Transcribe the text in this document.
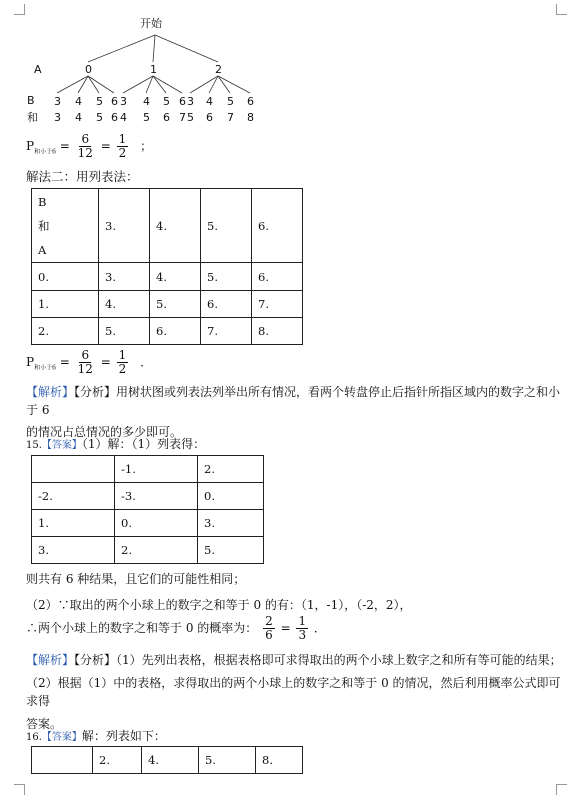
开始
A
B
和
0	1	2
3 4 5 6 3 4 5 6 3 4 5 6
3 4 5 6 4 5 6 7 5 6 7 8
$P_{和小于6} = \frac{6}{12} = \frac{1}{2}$ ；
解法二：用列表法：
B
和
A	3.	4.	5.	6.
0.	3.	4.	5.	6.
1.	4.	5.	6.	7.
2.	5.	6.	7.	8.
$P_{和小于6} = \frac{6}{12} = \frac{1}{2}$ ．
【解析】【分析】用树状图或列表法列举出所有情况，看两个转盘停止后指针所指区域内的数字之和小于 6
的情况占总情况的多少即可。
15.【答案】（1）解：（1）列表得：
	-1.	2.
-2.	-3.	0.
1.	0.	3.
3.	2.	5.
则共有 6 种结果，且它们的可能性相同；
（2）∵取出的两个小球上的数字之和等于 0 的有：（1，-1），（-2，2），
∴两个小球上的数字之和等于 0 的概率为： $\frac{2}{6} = \frac{1}{3}$ ．
【解析】【分析】（1）先列出表格，根据表格即可求得取出的两个小球上数字之和所有等可能的结果；
（2）根据（1）中的表格，求得取出的两个小球上的数字之和等于 0 的情况，然后利用概率公式即可求得
答案。
16.【答案】解：列表如下：
	2.	4.	5.	8.
